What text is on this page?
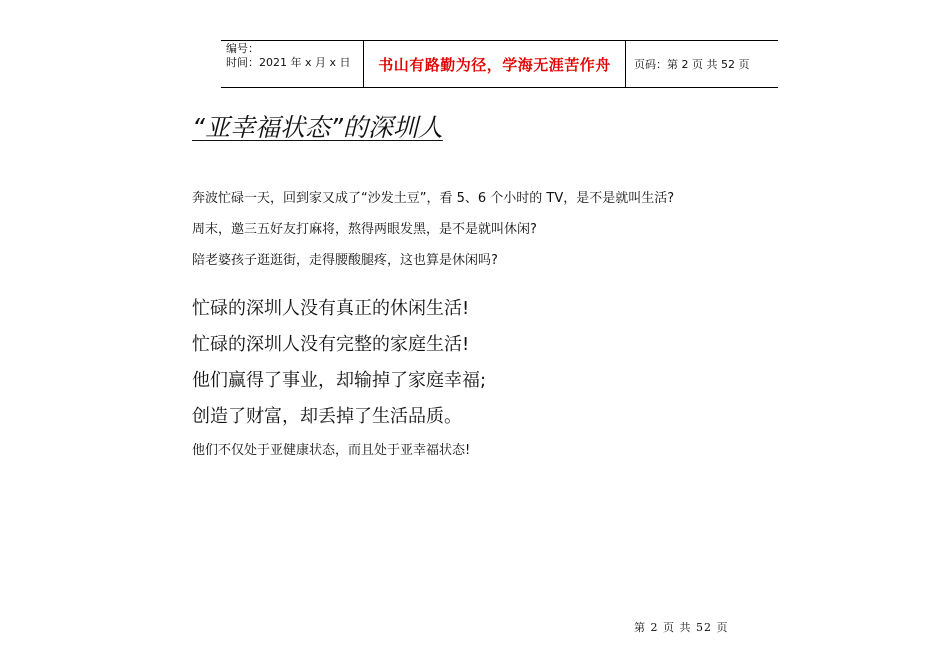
编号：
时间：2021 年 x 月 x 日	书山有路勤为径，学海无涯苦作舟	页码：第 2 页 共 52 页
“亚幸福状态”的深圳人

奔波忙碌一天，回到家又成了“沙发土豆”，看 5、6 个小时的 TV，是不是就叫生活?

周末，邀三五好友打麻将，熬得两眼发黑，是不是就叫休闲?

陪老婆孩子逛逛街，走得腰酸腿疼，这也算是休闲吗?

忙碌的深圳人没有真正的休闲生活!

忙碌的深圳人没有完整的家庭生活!

他们赢得了事业，却输掉了家庭幸福;

创造了财富，却丢掉了生活品质。

他们不仅处于亚健康状态，而且处于亚幸福状态!

第 2 页 共 52 页
